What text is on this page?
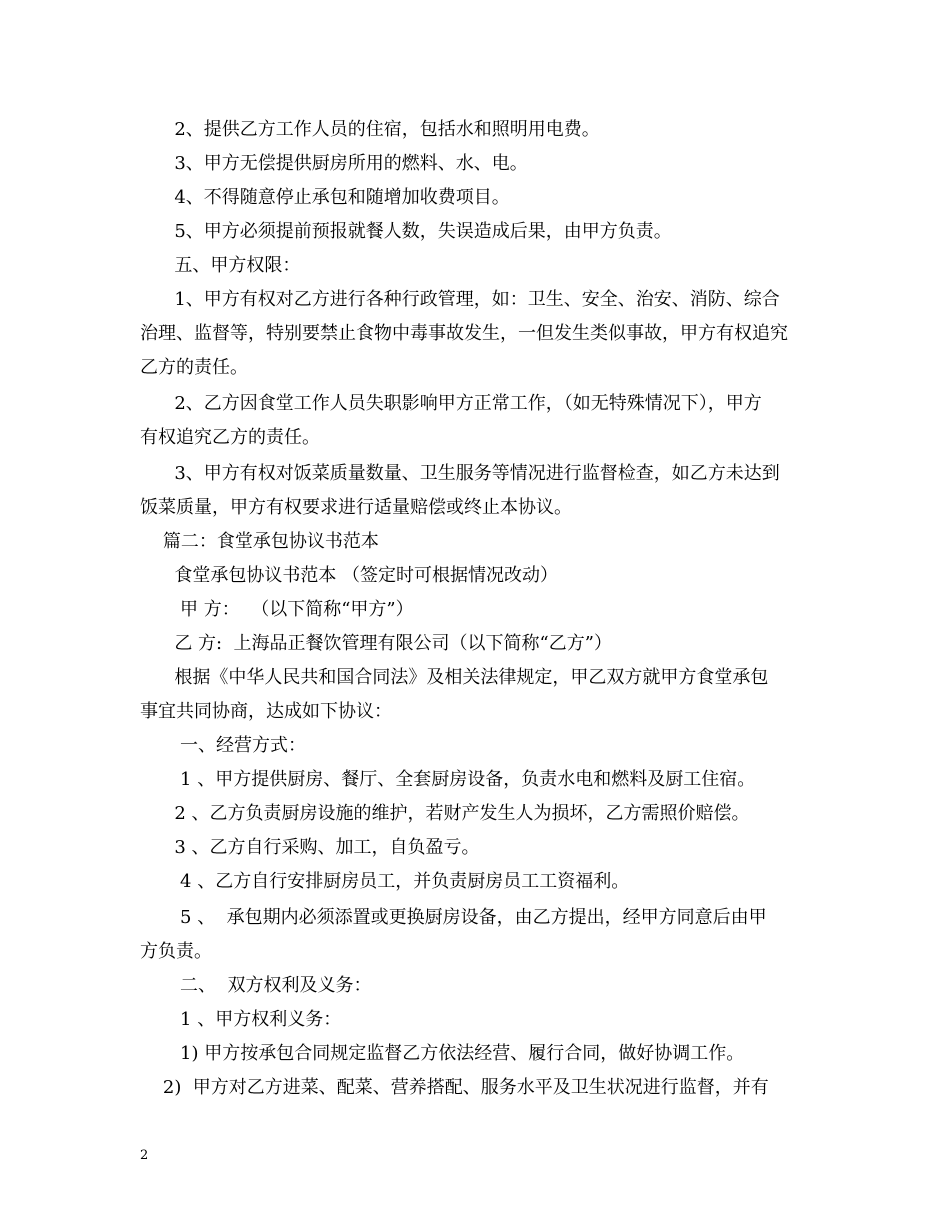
2、提供乙方工作人员的住宿，包括水和照明用电费。
3、甲方无偿提供厨房所用的燃料、水、电。
4、不得随意停止承包和随增加收费项目。
5、甲方必须提前预报就餐人数，失误造成后果，由甲方负责。
五、甲方权限：
1、甲方有权对乙方进行各种行政管理，如：卫生、安全、治安、消防、综合
治理、监督等，特别要禁止食物中毒事故发生，一但发生类似事故，甲方有权追究
乙方的责任。
2、乙方因食堂工作人员失职影响甲方正常工作，（如无特殊情况下），甲方
有权追究乙方的责任。
3、甲方有权对饭菜质量数量、卫生服务等情况进行监督检查，如乙方未达到
饭菜质量，甲方有权要求进行适量赔偿或终止本协议。
篇二：食堂承包协议书范本
食堂承包协议书范本 （签定时可根据情况改动）
甲 方：  （以下简称“甲方”）
乙 方:  上海品正餐饮管理有限公司（以下简称“乙方”）
根据《中华人民共和国合同法》及相关法律规定，甲乙双方就甲方食堂承包
事宜共同协商，达成如下协议：
一、经营方式：
1 、甲方提供厨房、餐厅、全套厨房设备，负责水电和燃料及厨工住宿。
2 、乙方负责厨房设施的维护，若财产发生人为损坏，乙方需照价赔偿。
3 、乙方自行采购、加工，自负盈亏。
4 、乙方自行安排厨房员工，并负责厨房员工工资福利。
5 、  承包期内必须添置或更换厨房设备，由乙方提出，经甲方同意后由甲
方负责。
二、  双方权利及义务：
1 、甲方权利义务：
1) 甲方按承包合同规定监督乙方依法经营、履行合同，做好协调工作。
2)  甲方对乙方进菜、配菜、营养搭配、服务水平及卫生状况进行监督，并有
2
